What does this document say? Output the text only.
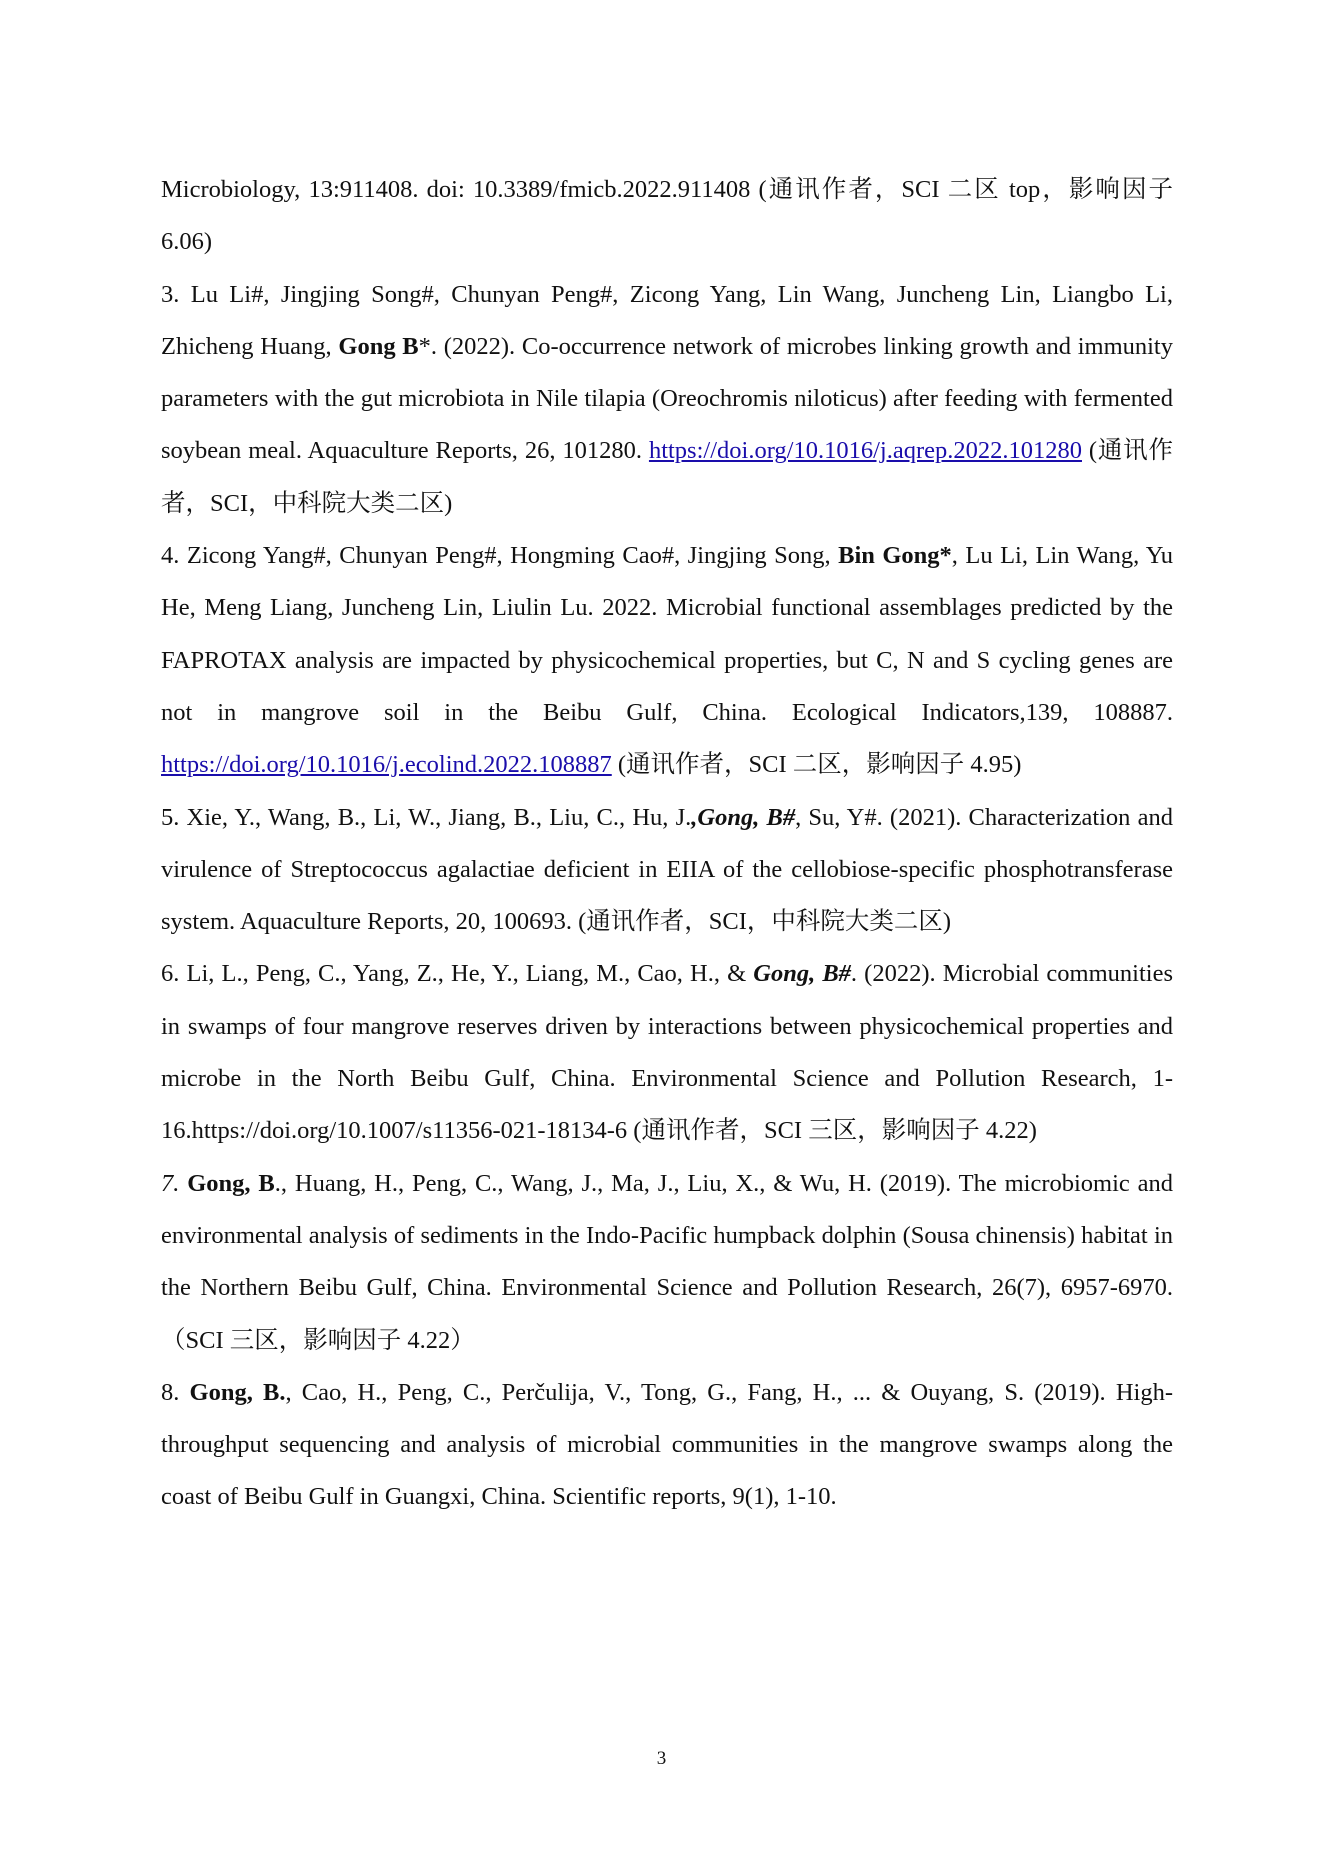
Microbiology, 13:911408. doi: 10.3389/fmicb.2022.911408 (通讯作者，SCI 二区 top，影响因子 6.06)

3. Lu Li#, Jingjing Song#, Chunyan Peng#, Zicong Yang, Lin Wang, Juncheng Lin, Liangbo Li, Zhicheng Huang, Gong B*. (2022). Co-occurrence network of microbes linking growth and immunity parameters with the gut microbiota in Nile tilapia (Oreochromis niloticus) after feeding with fermented soybean meal. Aquaculture Reports, 26, 101280. https://doi.org/10.1016/j.aqrep.2022.101280 (通讯作者，SCI，中科院大类二区)

4. Zicong Yang#, Chunyan Peng#, Hongming Cao#, Jingjing Song, Bin Gong*, Lu Li, Lin Wang, Yu He, Meng Liang, Juncheng Lin, Liulin Lu. 2022. Microbial functional assemblages predicted by the FAPROTAX analysis are impacted by physicochemical properties, but C, N and S cycling genes are not in mangrove soil in the Beibu Gulf, China. Ecological Indicators,139, 108887. https://doi.org/10.1016/j.ecolind.2022.108887 (通讯作者，SCI 二区，影响因子 4.95)

5. Xie, Y., Wang, B., Li, W., Jiang, B., Liu, C., Hu, J.,Gong, B#, Su, Y#. (2021). Characterization and virulence of Streptococcus agalactiae deficient in EIIA of the cellobiose-specific phosphotransferase system. Aquaculture Reports, 20, 100693. (通讯作者，SCI，中科院大类二区)

6. Li, L., Peng, C., Yang, Z., He, Y., Liang, M., Cao, H., & Gong, B#. (2022). Microbial communities in swamps of four mangrove reserves driven by interactions between physicochemical properties and microbe in the North Beibu Gulf, China. Environmental Science and Pollution Research, 1-16.https://doi.org/10.1007/s11356-021-18134-6 (通讯作者，SCI 三区，影响因子 4.22)

7. Gong, B., Huang, H., Peng, C., Wang, J., Ma, J., Liu, X., & Wu, H. (2019). The microbiomic and environmental analysis of sediments in the Indo-Pacific humpback dolphin (Sousa chinensis) habitat in the Northern Beibu Gulf, China. Environmental Science and Pollution Research, 26(7), 6957-6970. （SCI 三区，影响因子 4.22）

8. Gong, B., Cao, H., Peng, C., Perčulija, V., Tong, G., Fang, H., ... & Ouyang, S. (2019). High-throughput sequencing and analysis of microbial communities in the mangrove swamps along the coast of Beibu Gulf in Guangxi, China. Scientific reports, 9(1), 1-10.

3
